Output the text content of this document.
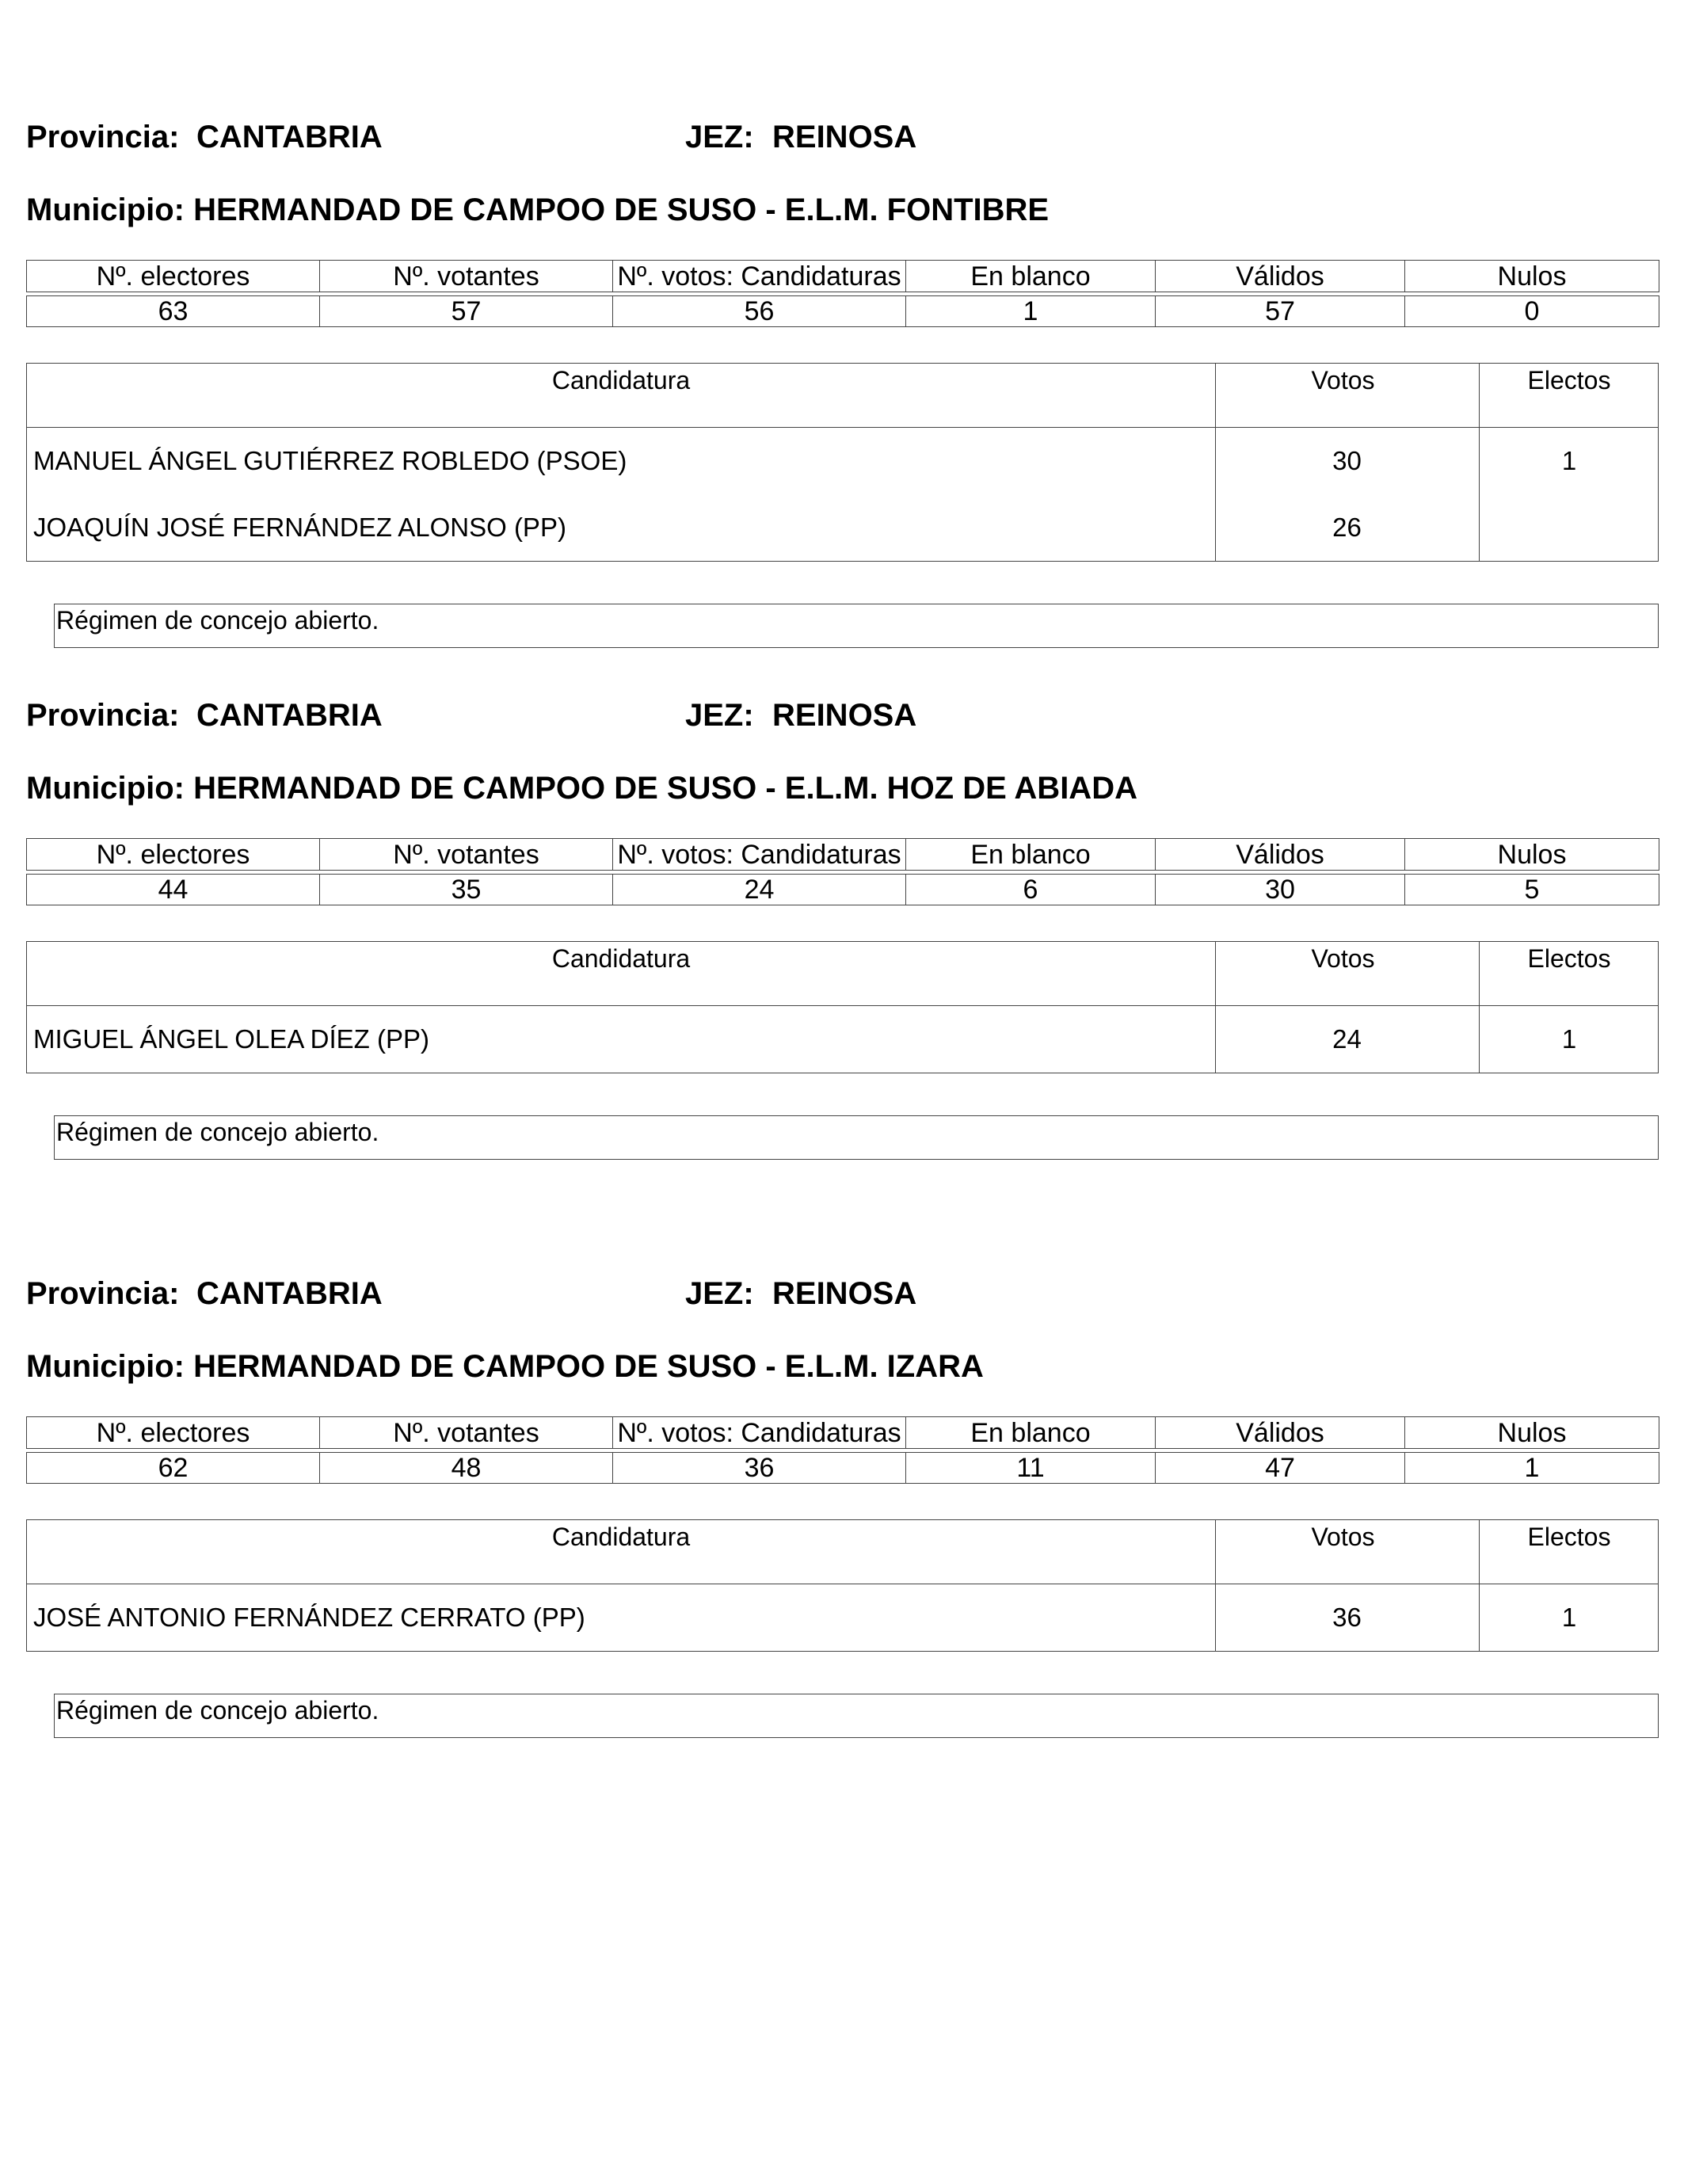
Provincia: CANTABRIA	JEZ: REINOSA
Municipio: HERMANDAD DE CAMPOO DE SUSO - E.L.M. FONTIBRE
Nº. electores	Nº. votantes	Nº. votos: Candidaturas	En blanco	Válidos	Nulos

63	57	56	1	57	0
Candidatura	Votos	Electos
MANUEL ÁNGEL GUTIÉRREZ ROBLEDO (PSOE)	30	1
JOAQUÍN JOSÉ FERNÁNDEZ ALONSO (PP)	26
Régimen de concejo abierto.
Provincia: CANTABRIA	JEZ: REINOSA
Municipio: HERMANDAD DE CAMPOO DE SUSO - E.L.M. HOZ DE ABIADA
Nº. electores	Nº. votantes	Nº. votos: Candidaturas	En blanco	Válidos	Nulos

44	35	24	6	30	5
Candidatura	Votos	Electos
MIGUEL ÁNGEL OLEA DÍEZ (PP)	24	1
Régimen de concejo abierto.
Provincia: CANTABRIA	JEZ: REINOSA
Municipio: HERMANDAD DE CAMPOO DE SUSO - E.L.M. IZARA
Nº. electores	Nº. votantes	Nº. votos: Candidaturas	En blanco	Válidos	Nulos

62	48	36	11	47	1
Candidatura	Votos	Electos
JOSÉ ANTONIO FERNÁNDEZ CERRATO (PP)	36	1
Régimen de concejo abierto.
